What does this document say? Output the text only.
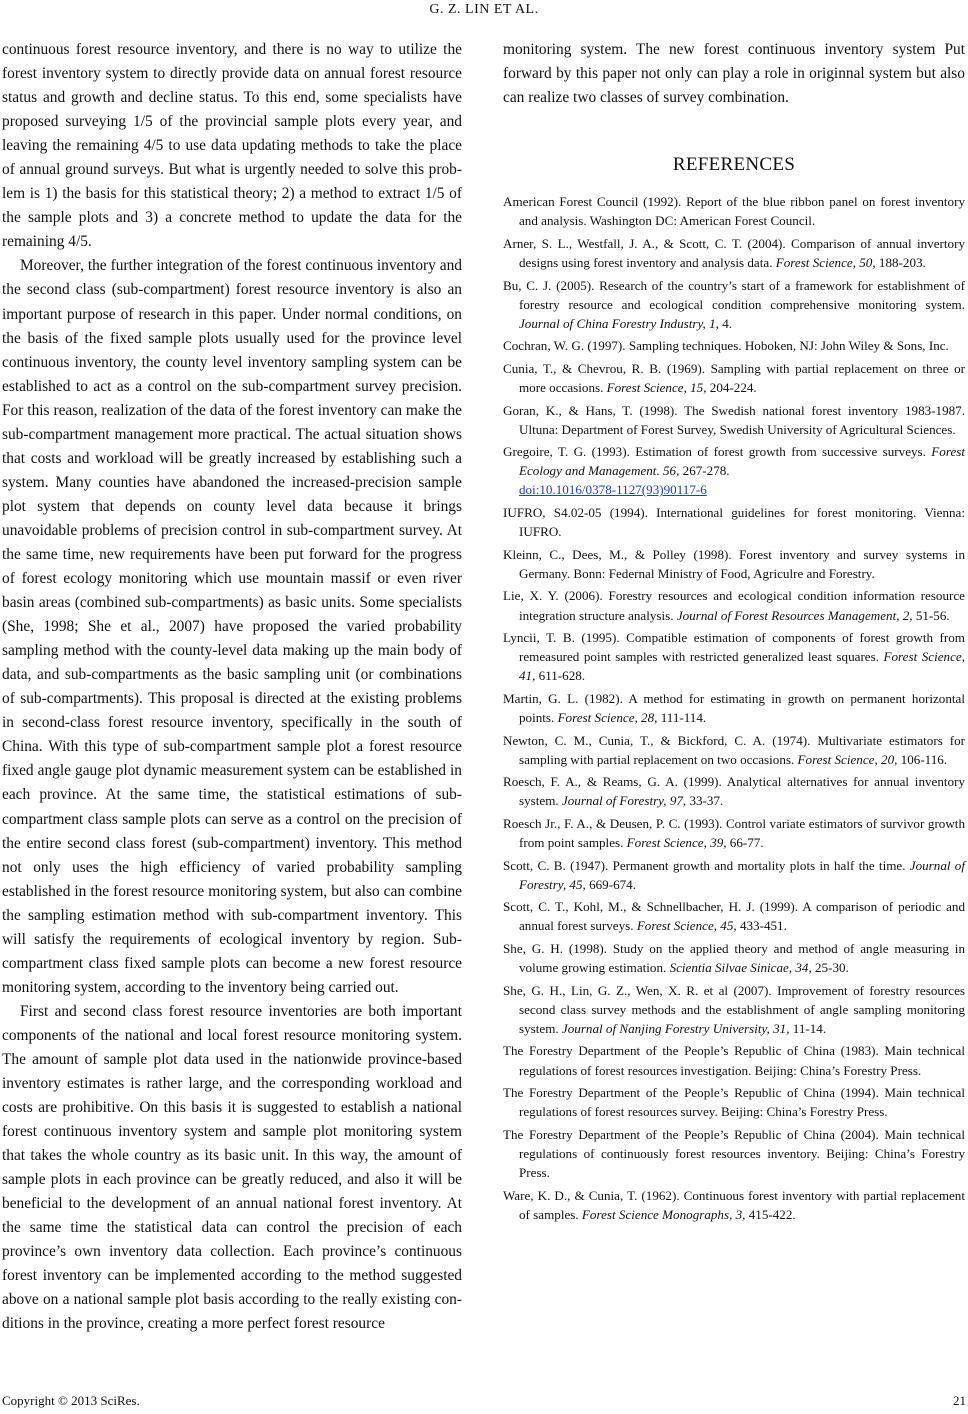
G. Z. LIN ET AL.

continuous forest resource inventory, and there is no way to utilize the forest inventory system to directly provide data on annual forest resource status and growth and decline status. To this end, some specialists have proposed surveying 1/5 of the provincial sample plots every year, and leaving the remaining 4/5 to use data updating methods to take the place of annual ground surveys. But what is urgently needed to solve this problem is 1) the basis for this statistical theory; 2) a method to extract 1/5 of the sample plots and 3) a concrete method to update the data for the remaining 4/5.

Moreover, the further integration of the forest continuous inventory and the second class (sub-compartment) forest resource inventory is also an important purpose of research in this paper. Under normal conditions, on the basis of the fixed sample plots usually used for the province level continuous inventory, the county level inventory sampling system can be established to act as a control on the sub-compartment survey precision. For this reason, realization of the data of the forest inventory can make the sub-compartment management more practical. The actual situation shows that costs and workload will be greatly increased by establishing such a system. Many counties have abandoned the increased-precision sample plot system that depends on county level data because it brings unavoidable problems of precision control in sub-compartment survey. At the same time, new requirements have been put forward for the progress of forest ecology monitoring which use mountain massif or even river basin areas (combined sub-compartments) as basic units. Some specialists (She, 1998; She et al., 2007) have proposed the varied probability sampling method with the county-level data making up the main body of data, and sub-compartments as the basic sampling unit (or combinations of sub-compartments). This proposal is directed at the existing problems in second-class forest resource inventory, specifically in the south of China. With this type of sub-compartment sample plot a forest resource fixed angle gauge plot dynamic measurement system can be established in each province. At the same time, the statistical estimations of sub-compartment class sample plots can serve as a control on the precision of the entire second class forest (sub-compartment) inventory. This method not only uses the high efficiency of varied probability sampling established in the forest resource monitoring system, but also can combine the sampling estimation method with sub-compartment inventory. This will satisfy the requirements of ecological inventory by region. Sub-compartment class fixed sample plots can become a new forest resource monitoring system, according to the inventory being carried out.

First and second class forest resource inventories are both important components of the national and local forest resource monitoring system. The amount of sample plot data used in the nationwide province-based inventory estimates is rather large, and the corresponding workload and costs are prohibitive. On this basis it is suggested to establish a national forest continuous inventory system and sample plot monitoring system that takes the whole country as its basic unit. In this way, the amount of sample plots in each province can be greatly reduced, and also it will be beneficial to the development of an annual national forest inventory. At the same time the statistical data can control the precision of each province’s own inventory data collection. Each province’s continuous forest inventory can be implemented according to the method suggested above on a national sample plot basis according to the really existing conditions in the province, creating a more perfect forest resource

monitoring system. The new forest continuous inventory system Put forward by this paper not only can play a role in originnal system but also can realize two classes of survey combination.

REFERENCES
American Forest Council (1992). Report of the blue ribbon panel on forest inventory and analysis. Washington DC: American Forest Council.
Arner, S. L., Westfall, J. A., & Scott, C. T. (2004). Comparison of annual invertory designs using forest inventory and analysis data. Forest Science, 50, 188-203.
Bu, C. J. (2005). Research of the country’s start of a framework for establishment of forestry resource and ecological condition comprehensive monitoring system. Journal of China Forestry Industry, 1, 4.
Cochran, W. G. (1997). Sampling techniques. Hoboken, NJ: John Wiley & Sons, Inc.
Cunia, T., & Chevrou, R. B. (1969). Sampling with partial replacement on three or more occasions. Forest Science, 15, 204-224.
Goran, K., & Hans, T. (1998). The Swedish national forest inventory 1983-1987. Ultuna: Department of Forest Survey, Swedish University of Agricultural Sciences.
Gregoire, T. G. (1993). Estimation of forest growth from successive surveys. Forest Ecology and Management. 56, 267-278.
doi:10.1016/0378-1127(93)90117-6
IUFRO, S4.02-05 (1994). International guidelines for forest monitoring. Vienna: IUFRO.
Kleinn, C., Dees, M., & Polley (1998). Forest inventory and survey systems in Germany. Bonn: Federnal Ministry of Food, Agriculre and Forestry.
Lie, X. Y. (2006). Forestry resources and ecological condition information resource integration structure analysis. Journal of Forest Resources Management, 2, 51-56.
Lyncii, T. B. (1995). Compatible estimation of components of forest growth from remeasured point samples with restricted generalized least squares. Forest Science, 41, 611-628.
Martin, G. L. (1982). A method for estimating in growth on permanent horizontal points. Forest Science, 28, 111-114.
Newton, C. M., Cunia, T., & Bickford, C. A. (1974). Multivariate estimators for sampling with partial replacement on two occasions. Forest Science, 20, 106-116.
Roesch, F. A., & Reams, G. A. (1999). Analytical alternatives for annual inventory system. Journal of Forestry, 97, 33-37.
Roesch Jr., F. A., & Deusen, P. C. (1993). Control variate estimators of survivor growth from point samples. Forest Science, 39, 66-77.
Scott, C. B. (1947). Permanent growth and mortality plots in half the time. Journal of Forestry, 45, 669-674.
Scott, C. T., Kohl, M., & Schnellbacher, H. J. (1999). A comparison of periodic and annual forest surveys. Forest Science, 45, 433-451.
She, G. H. (1998). Study on the applied theory and method of angle measuring in volume growing estimation. Scientia Silvae Sinicae, 34, 25-30.
She, G. H., Lin, G. Z., Wen, X. R. et al (2007). Improvement of forestry resources second class survey methods and the establishment of angle sampling monitoring system. Journal of Nanjing Forestry University, 31, 11-14.
The Forestry Department of the People’s Republic of China (1983). Main technical regulations of forest resources investigation. Beijing: China’s Forestry Press.
The Forestry Department of the People’s Republic of China (1994). Main technical regulations of forest resources survey. Beijing: China’s Forestry Press.
The Forestry Department of the People’s Republic of China (2004). Main technical regulations of continuously forest resources inventory. Beijing: China’s Forestry Press.
Ware, K. D., & Cunia, T. (1962). Continuous forest inventory with partial replacement of samples. Forest Science Monographs, 3, 415-422.
Copyright © 2013 SciRes.	21
